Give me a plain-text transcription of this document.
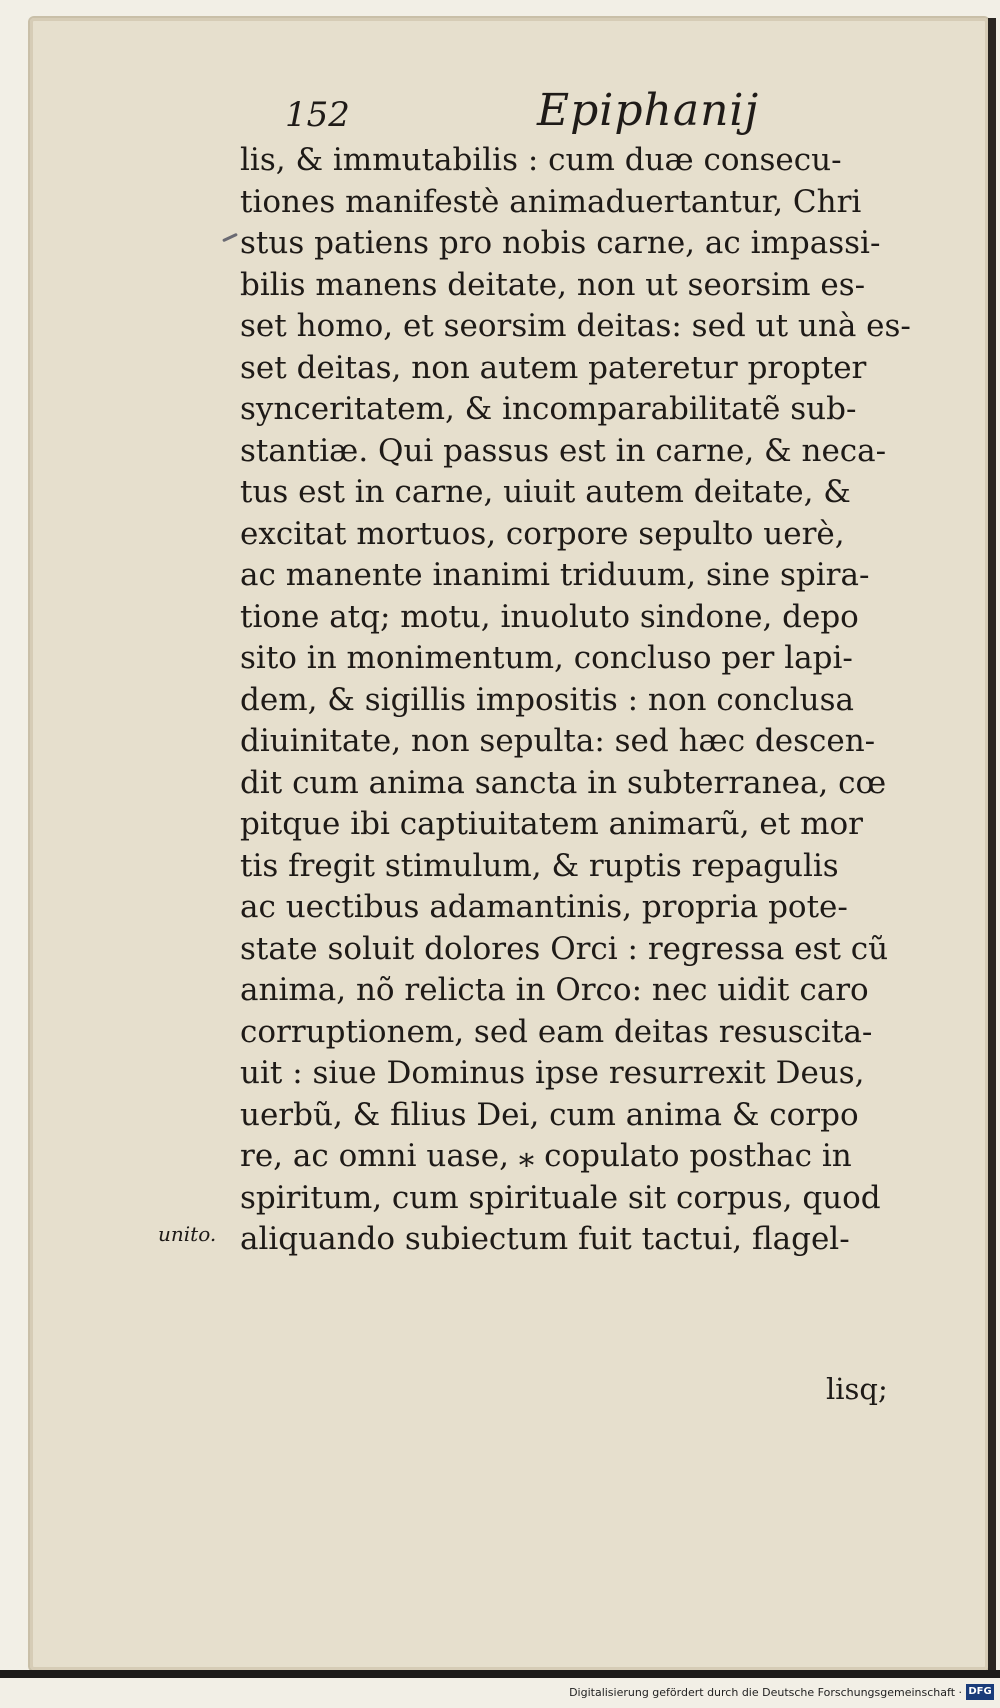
152	Epiphanij
lis, & immutabilis : cum duæ consecu-
tiones manifestè animaduertantur, Chri
stus patiens pro nobis carne, ac impassi-
bilis manens deitate, non ut seorsim es-
set homo, et seorsim deitas: sed ut unà es-
set deitas, non autem pateretur propter
synceritatem, & incomparabilitatẽ sub-
stantiæ. Qui passus est in carne, & neca-
tus est in carne, uiuit autem deitate, &
excitat mortuos, corpore sepulto uerè,
ac manente inanimi triduum, sine spira-
tione atq; motu, inuoluto sindone, depo
sito in monimentum, concluso per lapi-
dem, & sigillis impositis : non conclusa
diuinitate, non sepulta: sed hæc descen-
dit cum anima sancta in subterranea, cœ
pitque ibi captiuitatem animarũ, et mor
tis fregit stimulum, & ruptis repagulis
ac uectibus adamantinis, propria pote-
state soluit dolores Orci : regressa est cũ
anima, nõ relicta in Orco: nec uidit caro
corruptionem, sed eam deitas resuscita-
uit : siue Dominus ipse resurrexit Deus,
uerbũ, & filius Dei, cum anima & corpo
re, ac omni uase, ⁎ copulato posthac in
spiritum, cum spirituale sit corpus, quod
aliquando subiectum fuit tactui, flagel-
unito.
lisq;
Digitalisierung gefördert durch die Deutsche Forschungsgemeinschaft · DFG
